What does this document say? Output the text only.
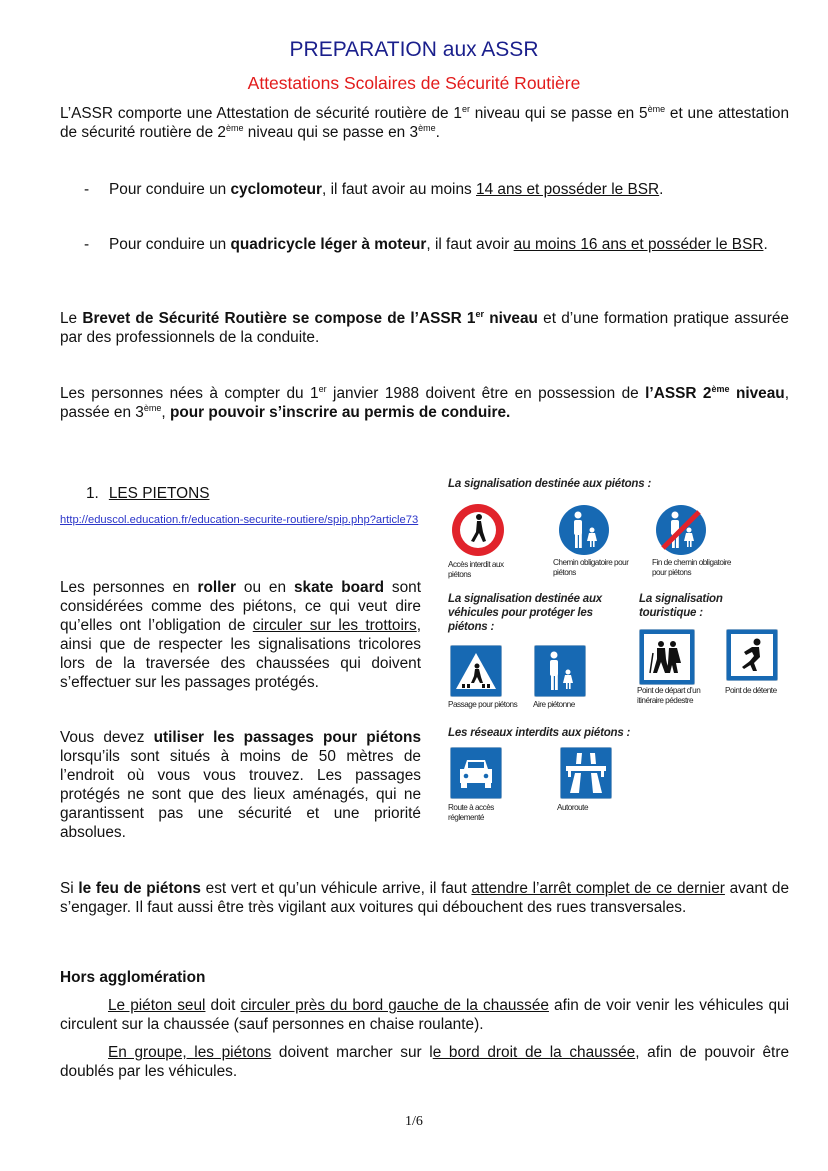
PREPARATION aux ASSR
Attestations Scolaires de Sécurité Routière
L’ASSR comporte une Attestation de sécurité routière de 1er niveau qui se passe en 5ème et une attestation de sécurité routière de 2ème niveau qui se passe en 3ème.
- Pour conduire un cyclomoteur, il faut avoir au moins 14 ans et posséder le BSR.
- Pour conduire un quadricycle léger à moteur, il faut avoir au moins 16 ans et posséder le BSR.
Le Brevet de Sécurité Routière se compose de l’ASSR 1er niveau et d’une formation pratique assurée par des professionnels de la conduite.
Les personnes nées à compter du 1er janvier 1988 doivent être en possession de l’ASSR 2ème niveau, passée en 3ème, pour pouvoir s’inscrire au permis de conduire.
1. LES PIETONS
http://eduscol.education.fr/education-securite-routiere/spip.php?article73
Les personnes en roller ou en skate board sont considérées comme des piétons, ce qui veut dire qu’elles ont l’obligation de circuler sur les trottoirs, ainsi que de respecter les signalisations tricolores lors de la traversée des chaussées qui doivent s’effectuer sur les passages protégés.
Vous devez utiliser les passages pour piétons lorsqu’ils sont situés à moins de 50 mètres de l’endroit où vous vous trouvez. Les passages protégés ne sont que des lieux aménagés, qui ne garantissent pas une sécurité et une priorité absolues.
La signalisation destinée aux piétons :
Accès interdit aux piétons
Chemin obligatoire pour piétons
Fin de chemin obligatoire pour piétons
La signalisation destinée aux véhicules pour protéger les piétons :
La signalisation touristique :
Passage pour piétons	Aire piétonne
Point de départ d’un itinéraire pédestre
Point de détente
Les réseaux interdits aux piétons :
Route à accès réglementé
Autoroute
Si le feu de piétons est vert et qu’un véhicule arrive, il faut attendre l’arrêt complet de ce dernier avant de s’engager. Il faut aussi être très vigilant aux voitures qui débouchent des rues transversales.
Hors agglomération
Le piéton seul doit circuler près du bord gauche de la chaussée afin de voir venir les véhicules qui circulent sur la chaussée (sauf personnes en chaise roulante).
En groupe, les piétons doivent marcher sur le bord droit de la chaussée, afin de pouvoir être doublés par les véhicules.
1/6
